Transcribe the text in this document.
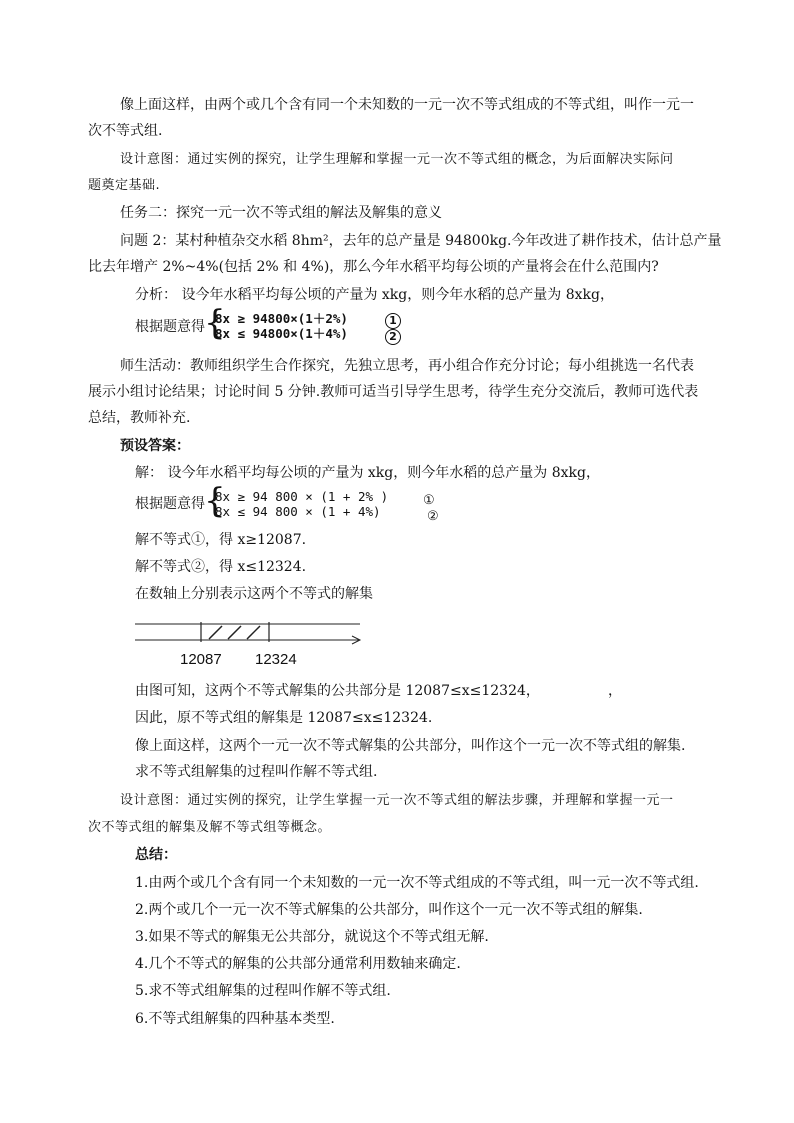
像上面这样，由两个或几个含有同一个未知数的一元一次不等式组成的不等式组，叫作一元一
次不等式组.
设计意图：通过实例的探究，让学生理解和掌握一元一次不等式组的概念，为后面解决实际问
题奠定基础.
任务二：探究一元一次不等式组的解法及解集的意义
问题 2：某村种植杂交水稻 8hm²，去年的总产量是 94800kg.今年改进了耕作技术，估计总产量
比去年增产 2%~4%(包括 2% 和 4%)，那么今年水稻平均每公顷的产量将会在什么范围内?
分析： 设今年水稻平均每公顷的产量为 xkg，则今年水稻的总产量为 8xkg，
根据题意得 {
8x ≥ 94800×(1＋2%)
8x ≤ 94800×(1＋4%)
1
2
师生活动：教师组织学生合作探究，先独立思考，再小组合作充分讨论；每小组挑选一名代表
展示小组讨论结果；讨论时间 5 分钟.教师可适当引导学生思考，待学生充分交流后，教师可选代表
总结，教师补充.
预设答案：
解： 设今年水稻平均每公顷的产量为 xkg，则今年水稻的总产量为 8xkg，
根据题意得 {
8x ≥ 94 800 × (1 + 2% )
8x ≤ 94 800 × (1 + 4%)
①
②
解不等式①，得 x≥12087.
解不等式②，得 x≤12324.
在数轴上分别表示这两个不等式的解集
12087 12324
由图可知，这两个不等式解集的公共部分是 12087≤x≤12324，	，
因此，原不等式组的解集是 12087≤x≤12324.
像上面这样，这两个一元一次不等式解集的公共部分，叫作这个一元一次不等式组的解集.
求不等式组解集的过程叫作解不等式组.
设计意图：通过实例的探究，让学生掌握一元一次不等式组的解法步骤，并理解和掌握一元一
次不等式组的解集及解不等式组等概念。
总结：
1.由两个或几个含有同一个未知数的一元一次不等式组成的不等式组，叫一元一次不等式组.
2.两个或几个一元一次不等式解集的公共部分，叫作这个一元一次不等式组的解集.
3.如果不等式的解集无公共部分，就说这个不等式组无解.
4.几个不等式的解集的公共部分通常利用数轴来确定.
5.求不等式组解集的过程叫作解不等式组.
6.不等式组解集的四种基本类型.
